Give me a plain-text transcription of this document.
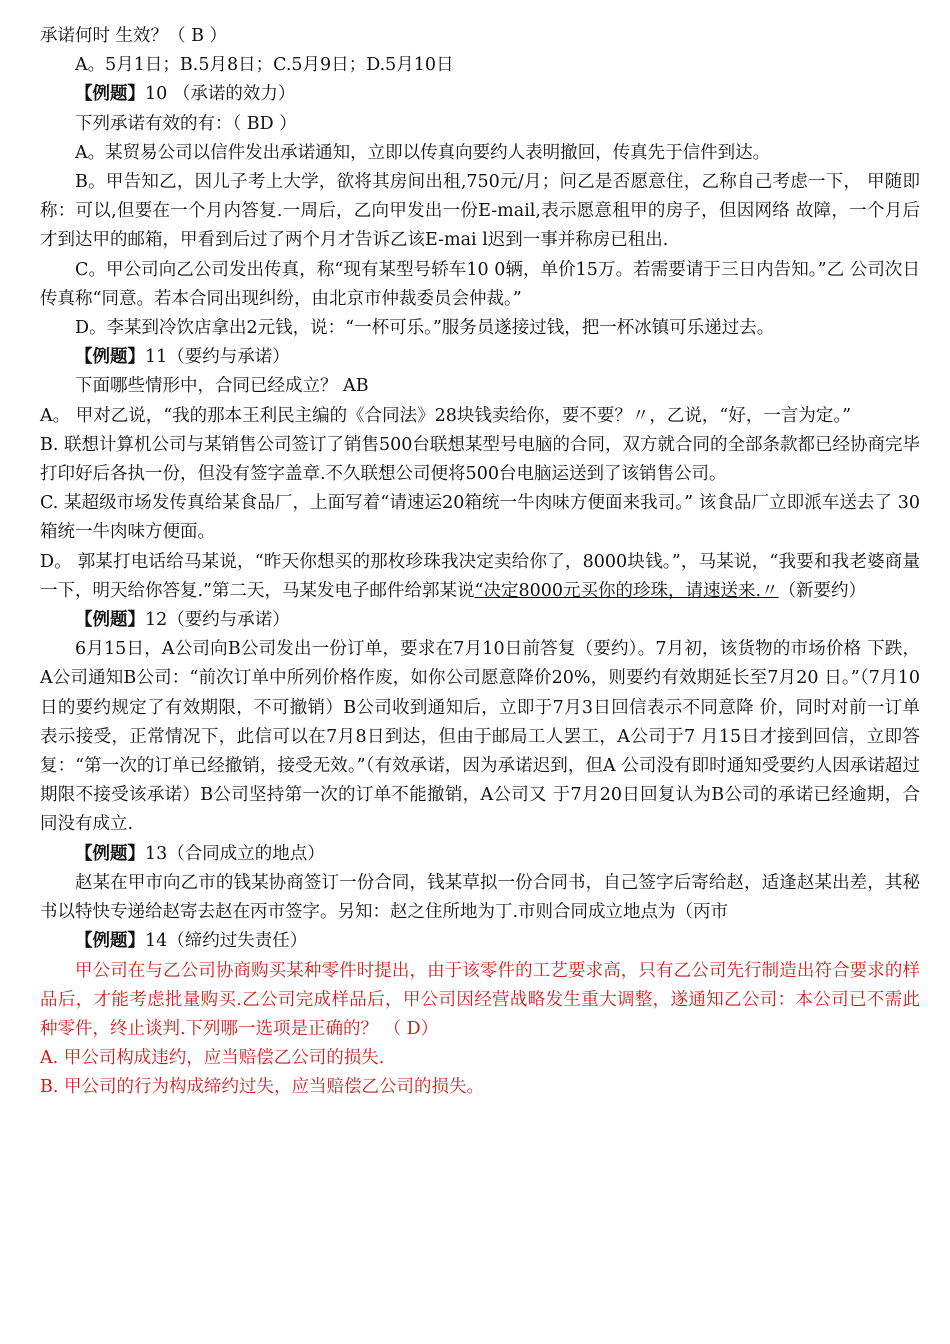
承诺何时 生效？（ B ）

A。5月1日；B.5月8日；C.5月9日；D.5月10日

【例题】10 （承诺的效力）

下列承诺有效的有：（ BD ）

A。某贸易公司以信件发出承诺通知，立即以传真向要约人表明撤回，传真先于信件到达。

B。甲告知乙，因儿子考上大学，欲将其房间出租,750元/月；问乙是否愿意住，乙称自己考虑一下， 甲随即称：可以,但要在一个月内答复.一周后，乙向甲发出一份E-mail,表示愿意租甲的房子，但因网络 故障，一个月后才到达甲的邮箱，甲看到后过了两个月才告诉乙该E-mai l迟到一事并称房已租出.

C。甲公司向乙公司发出传真，称“现有某型号轿车10 0辆，单价15万。若需要请于三日内告知。”乙 公司次日传真称“同意。若本合同出现纠纷，由北京市仲裁委员会仲裁。”

D。李某到冷饮店拿出2元钱，说：“一杯可乐。”服务员遂接过钱，把一杯冰镇可乐递过去。

【例题】11（要约与承诺）

下面哪些情形中，合同已经成立？ AB

A。 甲对乙说，“我的那本王利民主编的《合同法》28块钱卖给你，要不要？〃，乙说，“好，一言为定。”

B. 联想计算机公司与某销售公司签订了销售500台联想某型号电脑的合同，双方就合同的全部条款都已经协商完毕打印好后各执一份，但没有签字盖章.不久联想公司便将500台电脑运送到了该销售公司。

C. 某超级市场发传真给某食品厂，上面写着“请速运20箱统一牛肉味方便面来我司。” 该食品厂立即派车送去了 30箱统一牛肉味方便面。

D。 郭某打电话给马某说，“昨天你想买的那枚珍珠我决定卖给你了，8000块钱。”，马某说，“我要和我老婆商量一下，明天给你答复.”第二天，马某发电子邮件给郭某说“决定8000元买你的珍珠，请速送来.〃（新要约）

【例题】12（要约与承诺）

6月15日，A公司向B公司发出一份订单，要求在7月10日前答复（要约）。7月初，该货物的市场价格 下跌，A公司通知B公司：“前次订单中所列价格作废，如你公司愿意降价20%，则要约有效期延长至7月20 日。”（7月10日的要约规定了有效期限，不可撤销）B公司收到通知后，立即于7月3日回信表示不同意降 价，同时对前一订单表示接受，正常情况下，此信可以在7月8日到达，但由于邮局工人罢工，A公司于7 月15日才接到回信，立即答复：“第一次的订单已经撤销，接受无效。”（有效承诺，因为承诺迟到，但A 公司没有即时通知受要约人因承诺超过期限不接受该承诺）B公司坚持第一次的订单不能撤销，A公司又 于7月20日回复认为B公司的承诺已经逾期，合同没有成立.

【例题】13（合同成立的地点）

赵某在甲市向乙市的钱某协商签订一份合同，钱某草拟一份合同书，自己签字后寄给赵，适逢赵某出差，其秘书以特快专递给赵寄去赵在丙市签字。另知：赵之住所地为丁.市则合同成立地点为（丙市

【例题】14（缔约过失责任）

甲公司在与乙公司协商购买某种零件时提出，由于该零件的工艺要求高，只有乙公司先行制造出符合要求的样品后，才能考虑批量购买.乙公司完成样品后，甲公司因经营战略发生重大调整，遂通知乙公司：本公司已不需此种零件，终止谈判.下列哪一选项是正确的？ （ D）

A. 甲公司构成违约，应当赔偿乙公司的损失.

B. 甲公司的行为构成缔约过失，应当赔偿乙公司的损失。
